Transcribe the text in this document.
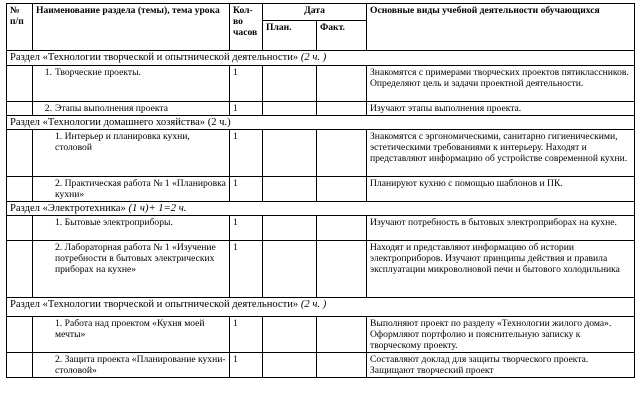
№ п/п	Наименование раздела (темы), тема урока	Кол-во часов	Дата		Основные виды учебной деятельности обучающихся
			План.	Факт.	
Раздел «Технологии творческой и опытнической деятельности» (2 ч. )					
	1. Творческие проекты.	1			Знакомятся с примерами творческих проектов пятиклассников. Определяют цель и задачи проектной деятельности.
	2. Этапы выполнения проекта	1			Изучают этапы выполнения проекта.
Раздел «Технологии домашнего хозяйства» (2 ч.)					
	1. Интерьер и планировка кухни, столовой	1			Знакомятся с эргономическими, санитарно гигиеническими, эстетическими требованиями к интерьеру. Находят и представляют информацию об устройстве современной кухни.
	2. Практическая работа № 1 «Планировка кухни»	1			Планируют кухню с помощью шаблонов и ПК.
Раздел «Электротехника» (1 ч)+ 1=2 ч.					
	1. Бытовые электроприборы.	1			Изучают потребность в бытовых электроприборах на кухне.
	2. Лабораторная работа № 1 «Изучение потребности в бытовых электрических приборах на кухне»	1			Находят и представляют информацию об истории электроприборов. Изучают принципы действия и правила эксплуатации микроволновой печи и бытового холодильника
Раздел «Технологии творческой и опытнической деятельности» (2 ч. )					
	1. Работа над проектом «Кухня моей мечты»	1			Выполняют проект по разделу «Технологии жилого дома». Оформляют портфолио и пояснительную записку к творческому проекту.
	2. Защита проекта «Планирование кухни-столовой»	1			Составляют доклад для защиты творческого проекта. Защищают творческий проект
